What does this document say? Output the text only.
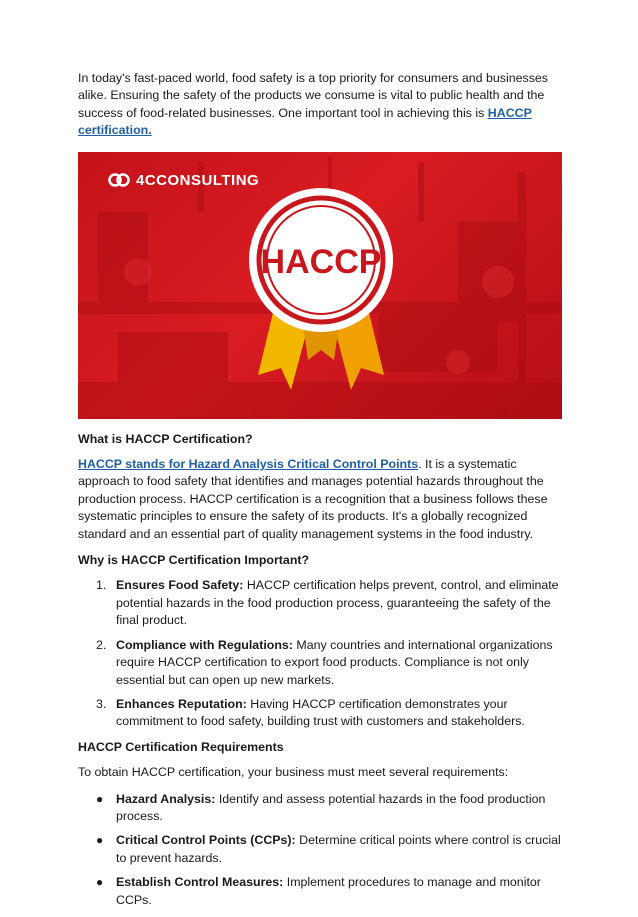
In today's fast-paced world, food safety is a top priority for consumers and businesses alike. Ensuring the safety of the products we consume is vital to public health and the success of food-related businesses. One important tool in achieving this is HACCP certification.

4CCONSULTING
HACCP
What is HACCP Certification?

HACCP stands for Hazard Analysis Critical Control Points. It is a systematic approach to food safety that identifies and manages potential hazards throughout the production process. HACCP certification is a recognition that a business follows these systematic principles to ensure the safety of its products. It's a globally recognized standard and an essential part of quality management systems in the food industry.

Why is HACCP Certification Important?
1. Ensures Food Safety: HACCP certification helps prevent, control, and eliminate potential hazards in the food production process, guaranteeing the safety of the final product.
2. Compliance with Regulations: Many countries and international organizations require HACCP certification to export food products. Compliance is not only essential but can open up new markets.
3. Enhances Reputation: Having HACCP certification demonstrates your commitment to food safety, building trust with customers and stakeholders.
HACCP Certification Requirements

To obtain HACCP certification, your business must meet several requirements:

● Hazard Analysis: Identify and assess potential hazards in the food production process.
● Critical Control Points (CCPs): Determine critical points where control is crucial to prevent hazards.
● Establish Control Measures: Implement procedures to manage and monitor CCPs.
